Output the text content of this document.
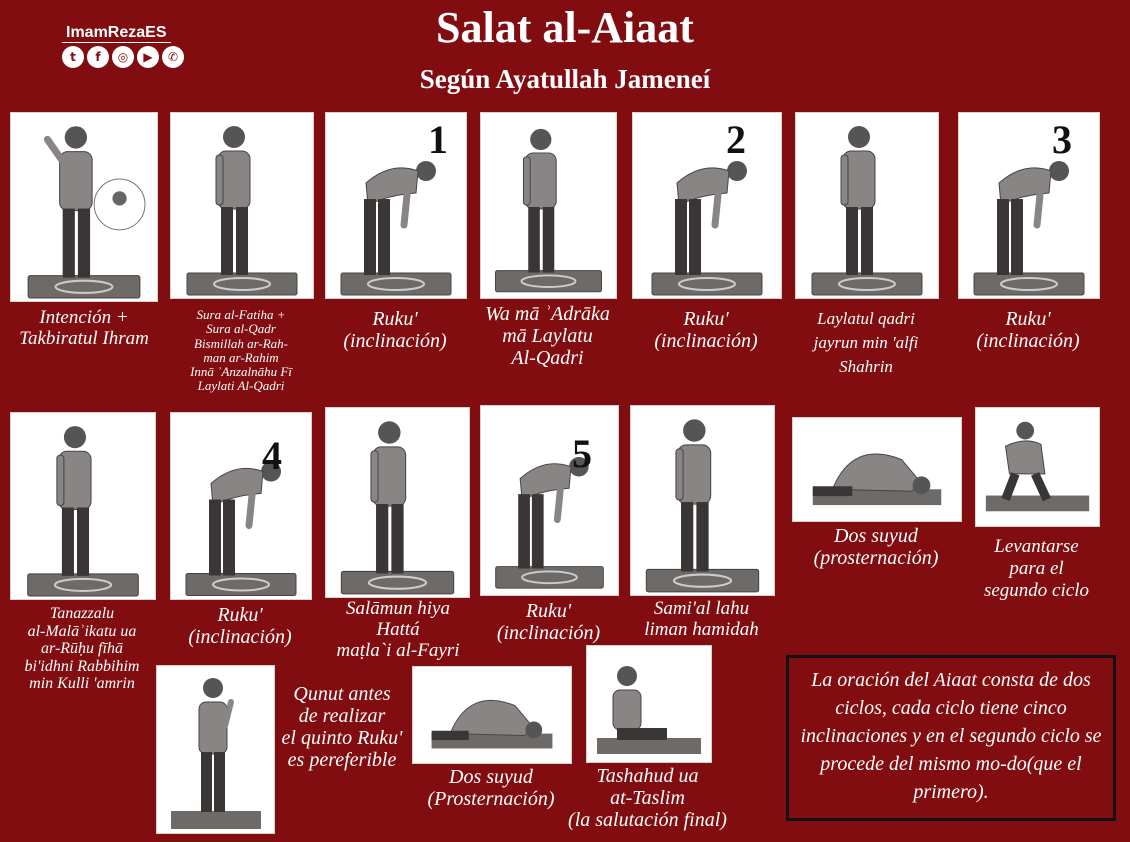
Salat al-Aiaat
Según Ayatullah Jameneí
ImamRezaES
t	f	◎	▶	✆
Intención +
Takbiratul Ihram
Sura al-Fatiha +
Sura al-Qadr
Bismillah ar-Rah-
man ar-Rahim
Innā ʾAnzalnāhu Fī
Laylati Al-Qadri
1
Ruku'
(inclinación)
Wa mā ʾAdrāka
mā Laylatu
Al-Qadri
2
Ruku'
(inclinación)
Laylatul qadri
jayrun min 'alfi
Shahrin
3
Ruku'
(inclinación)
Tanazzalu
al-Malāʾikatu ua
ar-Rūḥu fīhā
bi'idhni Rabbihim
min Kulli 'amrin
4
Ruku'
(inclinación)
Salāmun hiya
Hattá
maṭla`i al-Fayri
5
Ruku'
(inclinación)
Sami'al lahu
liman hamidah
Dos suyud
(prosternación)
Levantarse
para el
segundo ciclo
Qunut antes
de realizar
el quinto Ruku'
es pereferible
Dos suyud
(Prosternación)
Tashahud ua
at-Taslim
(la salutación final)
La oración del Aiaat consta de dos ciclos, cada ciclo tiene cinco inclinaciones y en el segundo ciclo se procede del mismo mo-do(que el primero).
